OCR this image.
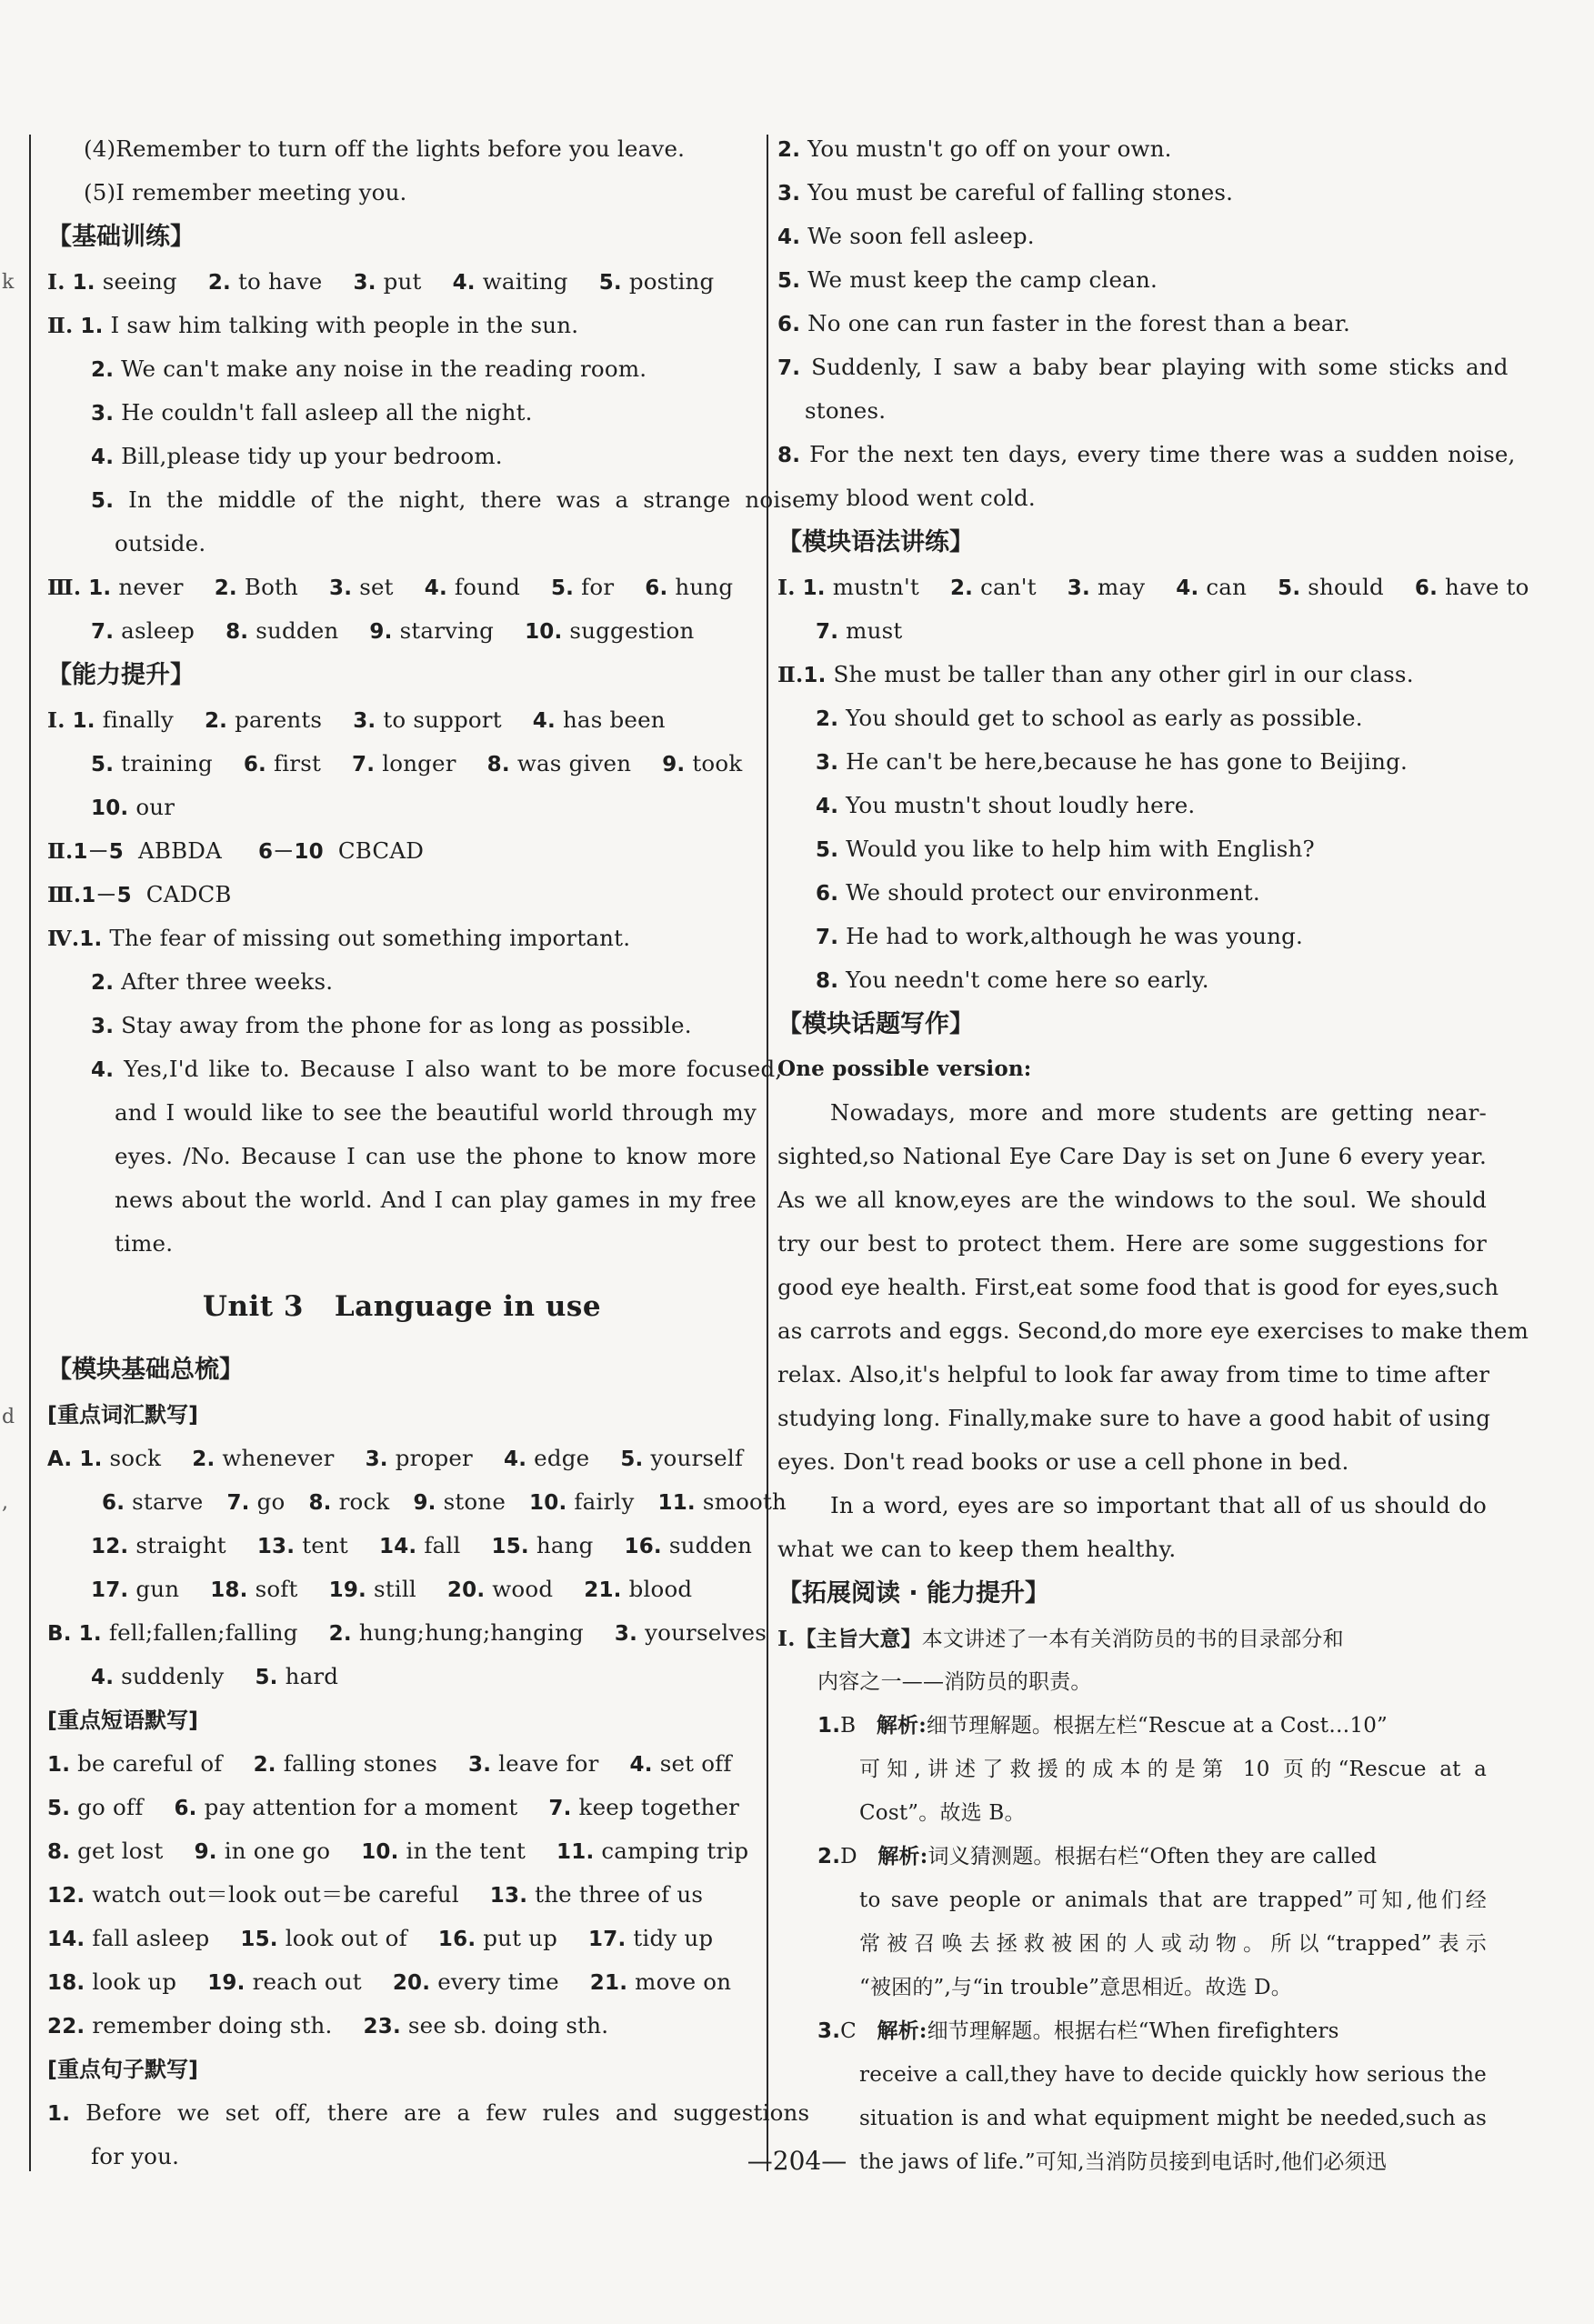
k
d
,
(4)Remember to turn off the lights before you leave.
(5)I remember meeting you.
【基础训练】
Ⅰ. 1. seeing 2. to have 3. put 4. waiting 5. posting
Ⅱ. 1. I saw him talking with people in the sun.
2. We can't make any noise in the reading room.
3. He couldn't fall asleep all the night.
4. Bill,please tidy up your bedroom.
5. In the middle of the night, there was a strange noise
outside.
Ⅲ. 1. never 2. Both 3. set 4. found 5. for 6. hung
7. asleep 8. sudden 9. starving 10. suggestion
【能力提升】
Ⅰ. 1. finally 2. parents 3. to support 4. has been
5. training 6. first 7. longer 8. was given 9. took
10. our
Ⅱ.1－5 ABBDA 6－10 CBCAD
Ⅲ.1－5 CADCB
Ⅳ.1. The fear of missing out something important.
2. After three weeks.
3. Stay away from the phone for as long as possible.
4. Yes,I'd like to. Because I also want to be more focused,
and I would like to see the beautiful world through my
eyes. /No. Because I can use the phone to know more
news about the world. And I can play games in my free
time.
Unit 3   Language in use
【模块基础总梳】
[重点词汇默写]
A. 1. sock 2. whenever 3. proper 4. edge 5. yourself
6. starve 7. go 8. rock 9. stone 10. fairly 11. smooth
12. straight 13. tent 14. fall 15. hang 16. sudden
17. gun 18. soft 19. still 20. wood 21. blood
B. 1. fell;fallen;falling 2. hung;hung;hanging 3. yourselves
4. suddenly 5. hard
[重点短语默写]
1. be careful of 2. falling stones 3. leave for 4. set off
5. go off 6. pay attention for a moment 7. keep together
8. get lost 9. in one go 10. in the tent 11. camping trip
12. watch out＝look out＝be careful 13. the three of us
14. fall asleep 15. look out of 16. put up 17. tidy up
18. look up 19. reach out 20. every time 21. move on
22. remember doing sth. 23. see sb. doing sth.
[重点句子默写]
1. Before we set off, there are a few rules and suggestions
for you.
2. You mustn't go off on your own.
3. You must be careful of falling stones.
4. We soon fell asleep.
5. We must keep the camp clean.
6. No one can run faster in the forest than a bear.
7. Suddenly, I saw a baby bear playing with some sticks and
stones.
8. For the next ten days, every time there was a sudden noise,
my blood went cold.
【模块语法讲练】
Ⅰ. 1. mustn't 2. can't 3. may 4. can 5. should 6. have to
7. must
Ⅱ.1. She must be taller than any other girl in our class.
2. You should get to school as early as possible.
3. He can't be here,because he has gone to Beijing.
4. You mustn't shout loudly here.
5. Would you like to help him with English?
6. We should protect our environment.
7. He had to work,although he was young.
8. You needn't come here so early.
【模块话题写作】
One possible version:
Nowadays, more and more students are getting near-
sighted,so National Eye Care Day is set on June 6 every year.
As we all know,eyes are the windows to the soul. We should
try our best to protect them. Here are some suggestions for
good eye health. First,eat some food that is good for eyes,such
as carrots and eggs. Second,do more eye exercises to make them
relax. Also,it's helpful to look far away from time to time after
studying long. Finally,make sure to have a good habit of using
eyes. Don't read books or use a cell phone in bed.
In a word, eyes are so important that all of us should do
what we can to keep them healthy.
【拓展阅读 · 能力提升】
Ⅰ.【主旨大意】本文讲述了一本有关消防员的书的目录部分和
内容之一——消防员的职责。
1.B 解析:细节理解题。根据左栏“Rescue at a Cost…10”
可知,讲述了救援的成本的是第 10 页的“Rescue at a
Cost”。故选 B。
2.D 解析:词义猜测题。根据右栏“Often they are called
to save people or animals that are trapped”可知,他们经
常被召唤去拯救被困的人或动物。所以“trapped”表示
“被困的”,与“in trouble”意思相近。故选 D。
3.C 解析:细节理解题。根据右栏“When firefighters
receive a call,they have to decide quickly how serious the
situation is and what equipment might be needed,such as
the jaws of life.”可知,当消防员接到电话时,他们必须迅
—204—
